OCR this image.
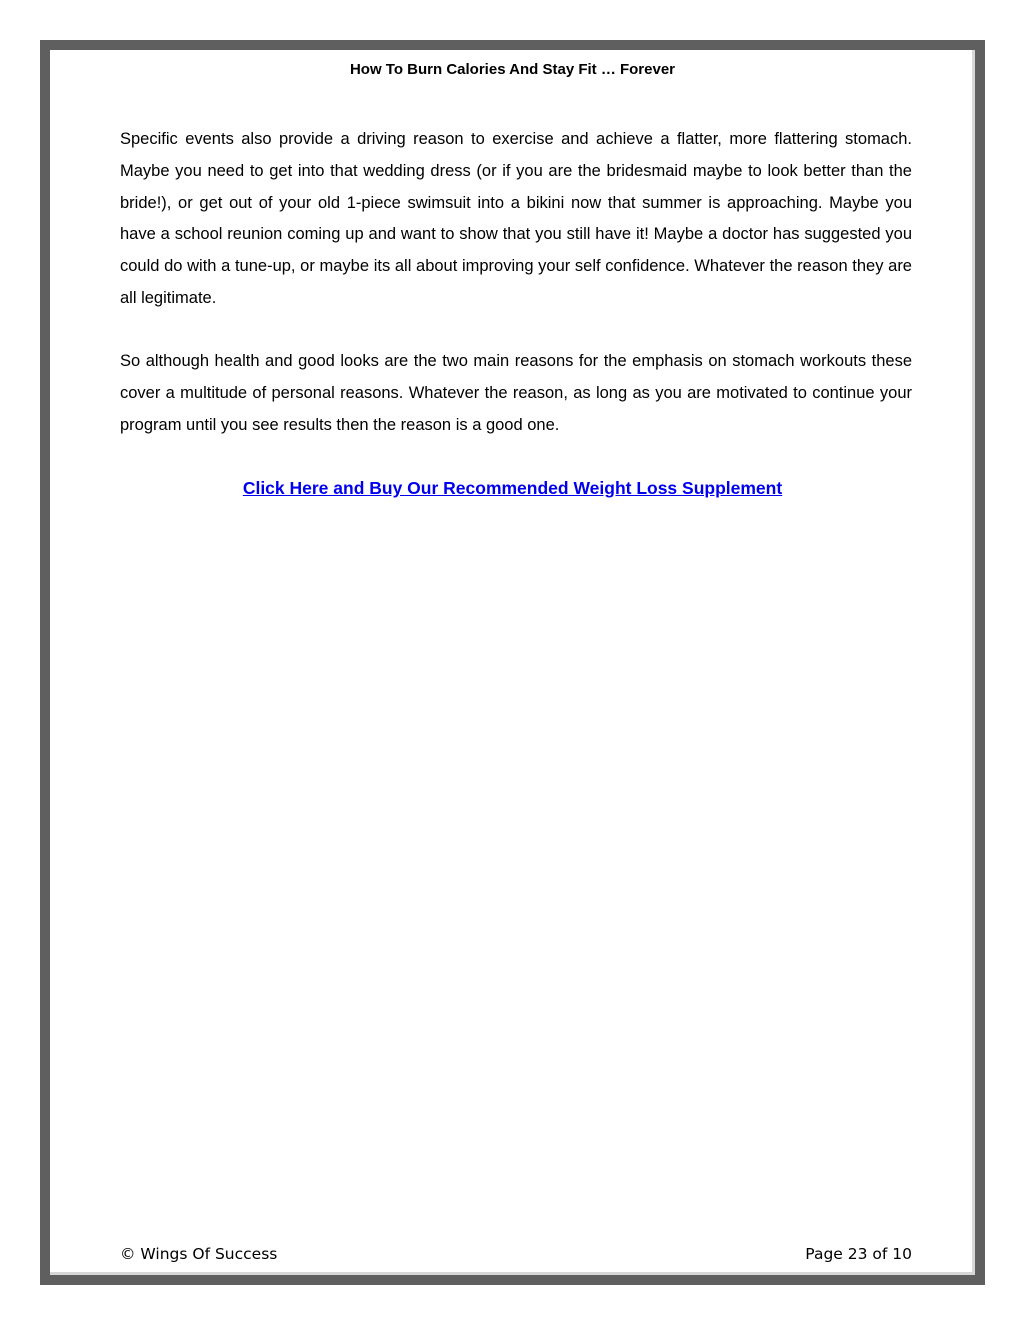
How To Burn Calories And Stay Fit … Forever

Specific events also provide a driving reason to exercise and achieve a flatter, more flattering stomach. Maybe you need to get into that wedding dress (or if you are the bridesmaid maybe to look better than the bride!), or get out of your old 1-piece swimsuit into a bikini now that summer is approaching. Maybe you have a school reunion coming up and want to show that you still have it! Maybe a doctor has suggested you could do with a tune-up, or maybe its all about improving your self confidence. Whatever the reason they are all legitimate.

So although health and good looks are the two main reasons for the emphasis on stomach workouts these cover a multitude of personal reasons. Whatever the reason, as long as you are motivated to continue your program until you see results then the reason is a good one.

Click Here and Buy Our Recommended Weight Loss Supplement
© Wings Of Success	Page 23 of 10
